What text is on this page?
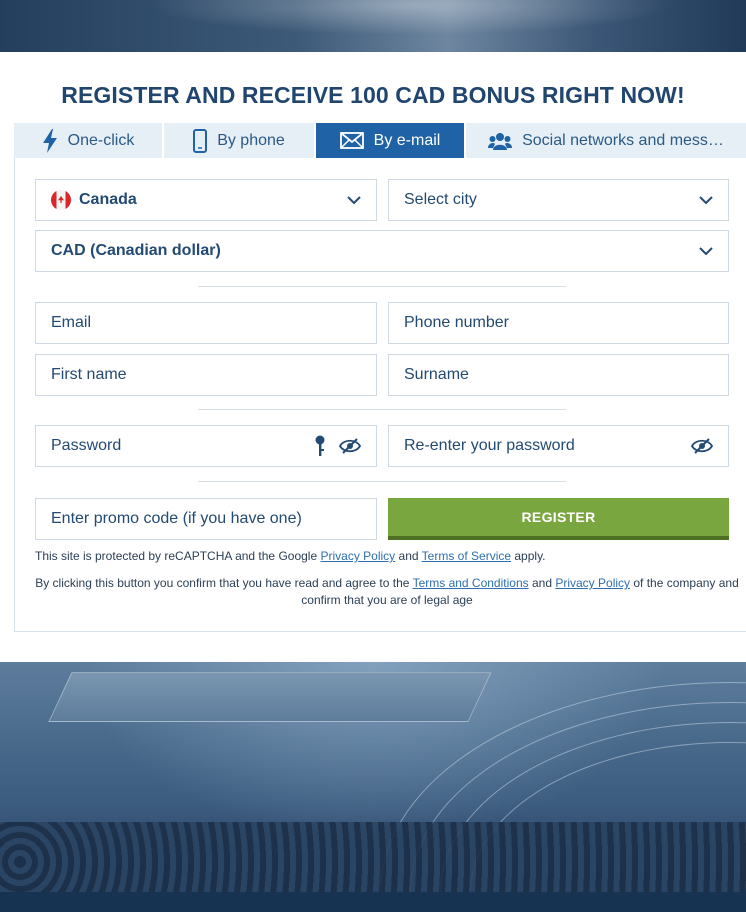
REGISTER AND RECEIVE 100 CAD BONUS RIGHT NOW!
One-click	By phone	By e-mail	Social networks and mess…
Canada	Select city
CAD (Canadian dollar)
Email	Phone number
First name	Surname
Password	Re-enter your password
Enter promo code (if you have one)	REGISTER
This site is protected by reCAPTCHA and the Google Privacy Policy and Terms of Service apply.
By clicking this button you confirm that you have read and agree to the Terms and Conditions and Privacy Policy of the company and confirm that you are of legal age
